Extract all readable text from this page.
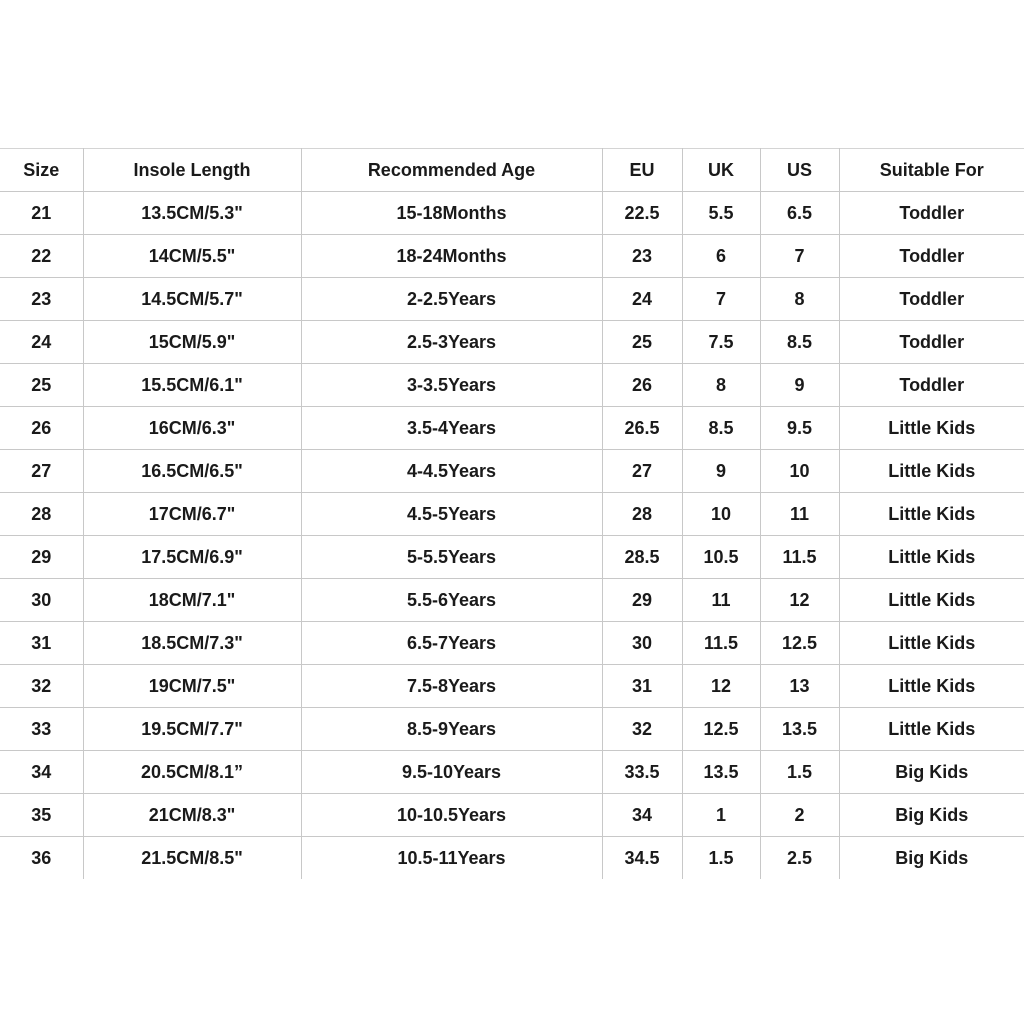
Size	Insole Length	Recommended Age	EU	UK	US	Suitable For
21	13.5CM/5.3"	15-18Months	22.5	5.5	6.5	Toddler
22	14CM/5.5"	18-24Months	23	6	7	Toddler
23	14.5CM/5.7"	2-2.5Years	24	7	8	Toddler
24	15CM/5.9"	2.5-3Years	25	7.5	8.5	Toddler
25	15.5CM/6.1"	3-3.5Years	26	8	9	Toddler
26	16CM/6.3"	3.5-4Years	26.5	8.5	9.5	Little Kids
27	16.5CM/6.5"	4-4.5Years	27	9	10	Little Kids
28	17CM/6.7"	4.5-5Years	28	10	11	Little Kids
29	17.5CM/6.9"	5-5.5Years	28.5	10.5	11.5	Little Kids
30	18CM/7.1"	5.5-6Years	29	11	12	Little Kids
31	18.5CM/7.3"	6.5-7Years	30	11.5	12.5	Little Kids
32	19CM/7.5"	7.5-8Years	31	12	13	Little Kids
33	19.5CM/7.7"	8.5-9Years	32	12.5	13.5	Little Kids
34	20.5CM/8.1”	9.5-10Years	33.5	13.5	1.5	Big Kids
35	21CM/8.3"	10-10.5Years	34	1	2	Big Kids
36	21.5CM/8.5"	10.5-11Years	34.5	1.5	2.5	Big Kids
